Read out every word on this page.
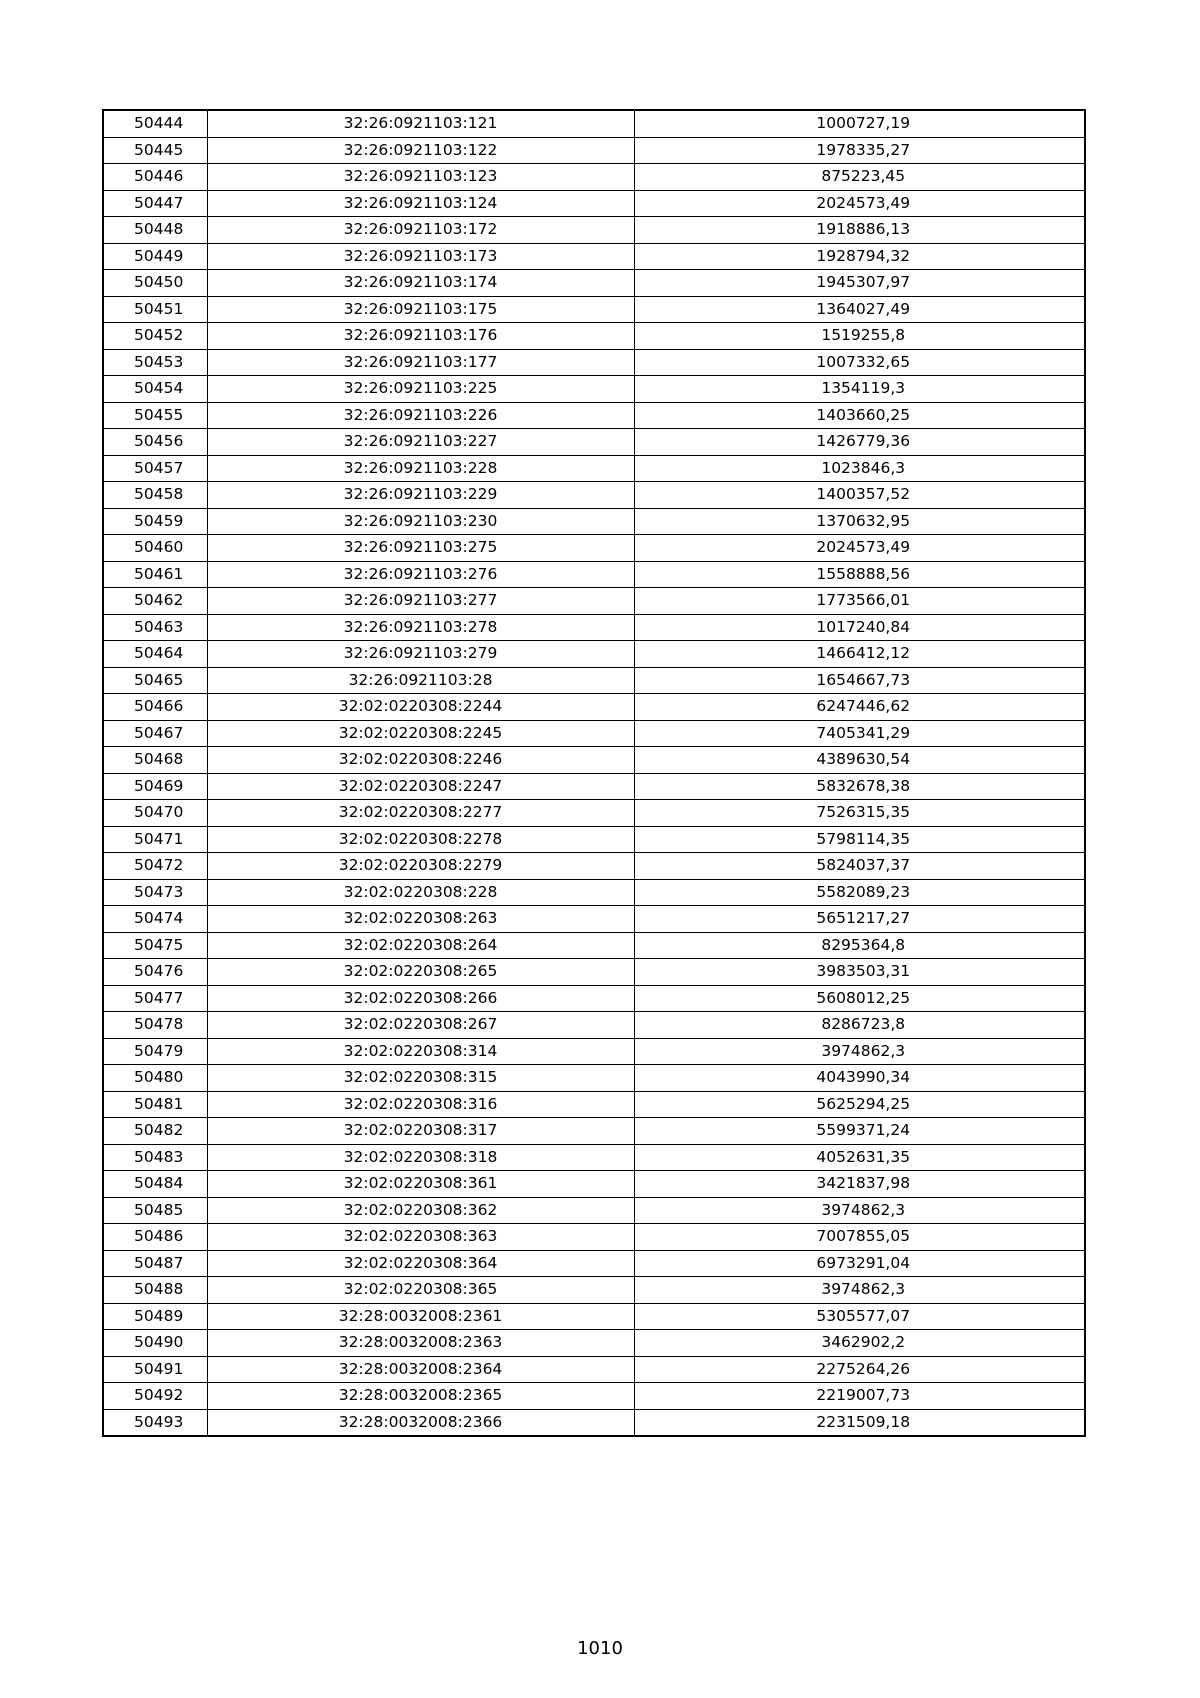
50444	32:26:0921103:121	1000727,19
50445	32:26:0921103:122	1978335,27
50446	32:26:0921103:123	875223,45
50447	32:26:0921103:124	2024573,49
50448	32:26:0921103:172	1918886,13
50449	32:26:0921103:173	1928794,32
50450	32:26:0921103:174	1945307,97
50451	32:26:0921103:175	1364027,49
50452	32:26:0921103:176	1519255,8
50453	32:26:0921103:177	1007332,65
50454	32:26:0921103:225	1354119,3
50455	32:26:0921103:226	1403660,25
50456	32:26:0921103:227	1426779,36
50457	32:26:0921103:228	1023846,3
50458	32:26:0921103:229	1400357,52
50459	32:26:0921103:230	1370632,95
50460	32:26:0921103:275	2024573,49
50461	32:26:0921103:276	1558888,56
50462	32:26:0921103:277	1773566,01
50463	32:26:0921103:278	1017240,84
50464	32:26:0921103:279	1466412,12
50465	32:26:0921103:28	1654667,73
50466	32:02:0220308:2244	6247446,62
50467	32:02:0220308:2245	7405341,29
50468	32:02:0220308:2246	4389630,54
50469	32:02:0220308:2247	5832678,38
50470	32:02:0220308:2277	7526315,35
50471	32:02:0220308:2278	5798114,35
50472	32:02:0220308:2279	5824037,37
50473	32:02:0220308:228	5582089,23
50474	32:02:0220308:263	5651217,27
50475	32:02:0220308:264	8295364,8
50476	32:02:0220308:265	3983503,31
50477	32:02:0220308:266	5608012,25
50478	32:02:0220308:267	8286723,8
50479	32:02:0220308:314	3974862,3
50480	32:02:0220308:315	4043990,34
50481	32:02:0220308:316	5625294,25
50482	32:02:0220308:317	5599371,24
50483	32:02:0220308:318	4052631,35
50484	32:02:0220308:361	3421837,98
50485	32:02:0220308:362	3974862,3
50486	32:02:0220308:363	7007855,05
50487	32:02:0220308:364	6973291,04
50488	32:02:0220308:365	3974862,3
50489	32:28:0032008:2361	5305577,07
50490	32:28:0032008:2363	3462902,2
50491	32:28:0032008:2364	2275264,26
50492	32:28:0032008:2365	2219007,73
50493	32:28:0032008:2366	2231509,18
1010
